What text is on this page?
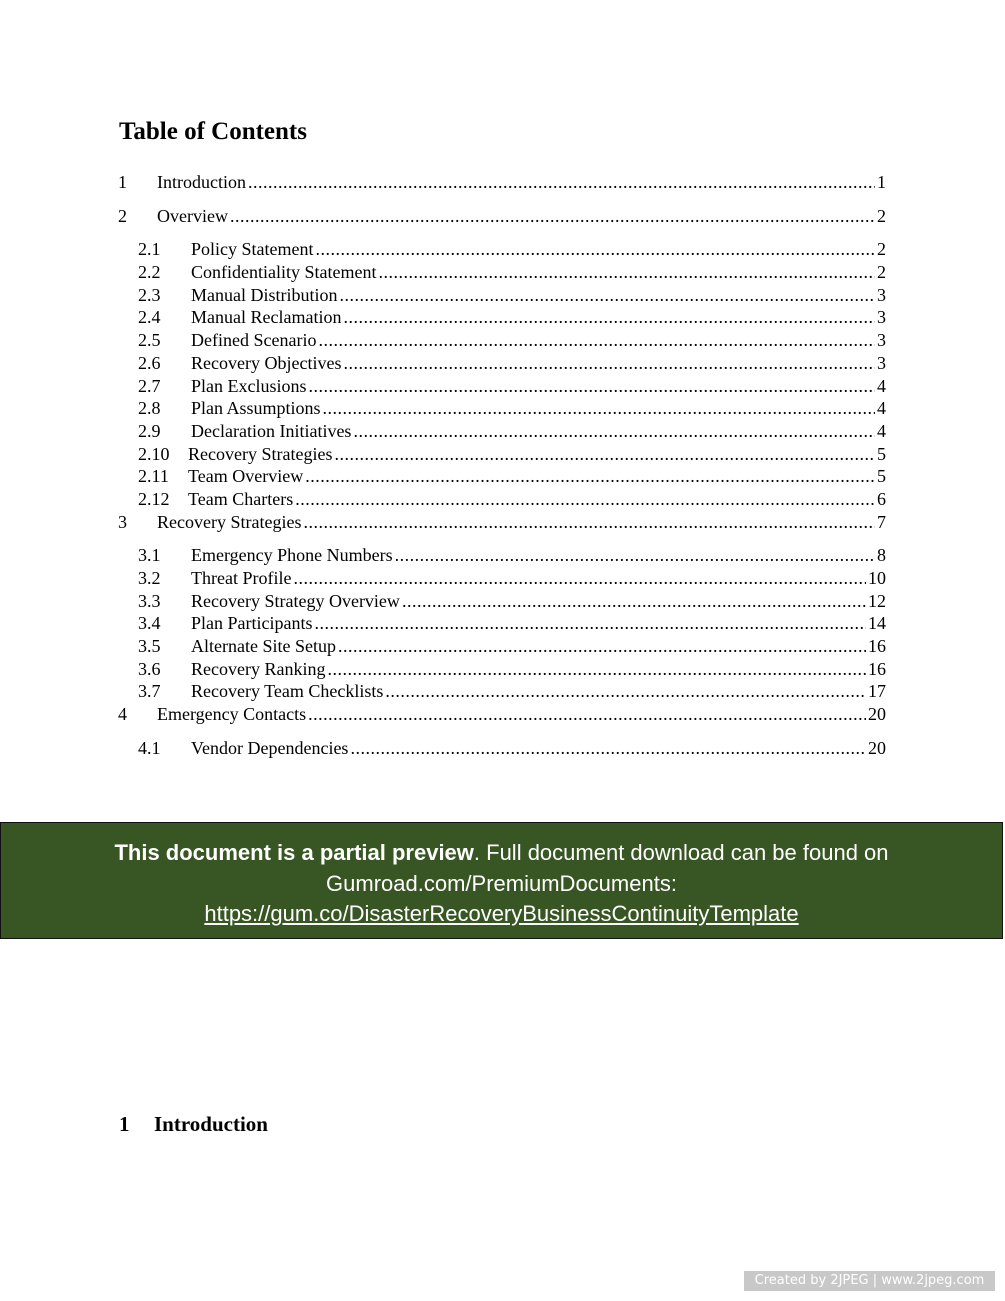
Table of Contents
1	Introduction .....	1
2	Overview .....	2
2.1	Policy Statement .....	2
2.2	Confidentiality Statement .....	2
2.3	Manual Distribution .....	3
2.4	Manual Reclamation .....	3
2.5	Defined Scenario .....	3
2.6	Recovery Objectives .....	3
2.7	Plan Exclusions .....	4
2.8	Plan Assumptions .....	4
2.9	Declaration Initiatives .....	4
2.10	Recovery Strategies .....	5
2.11	Team Overview .....	5
2.12	Team Charters .....	6
3	Recovery Strategies .....	7
3.1	Emergency Phone Numbers .....	8
3.2	Threat Profile .....	10
3.3	Recovery Strategy Overview .....	12
3.4	Plan Participants .....	14
3.5	Alternate Site Setup .....	16
3.6	Recovery Ranking .....	16
3.7	Recovery Team Checklists .....	17
4	Emergency Contacts .....	20
4.1	Vendor Dependencies .....	20
This document is a partial preview. Full document download can be found on
Gumroad.com/PremiumDocuments:
https://gum.co/DisasterRecoveryBusinessContinuityTemplate
1 Introduction
Created by 2JPEG | www.2jpeg.com
